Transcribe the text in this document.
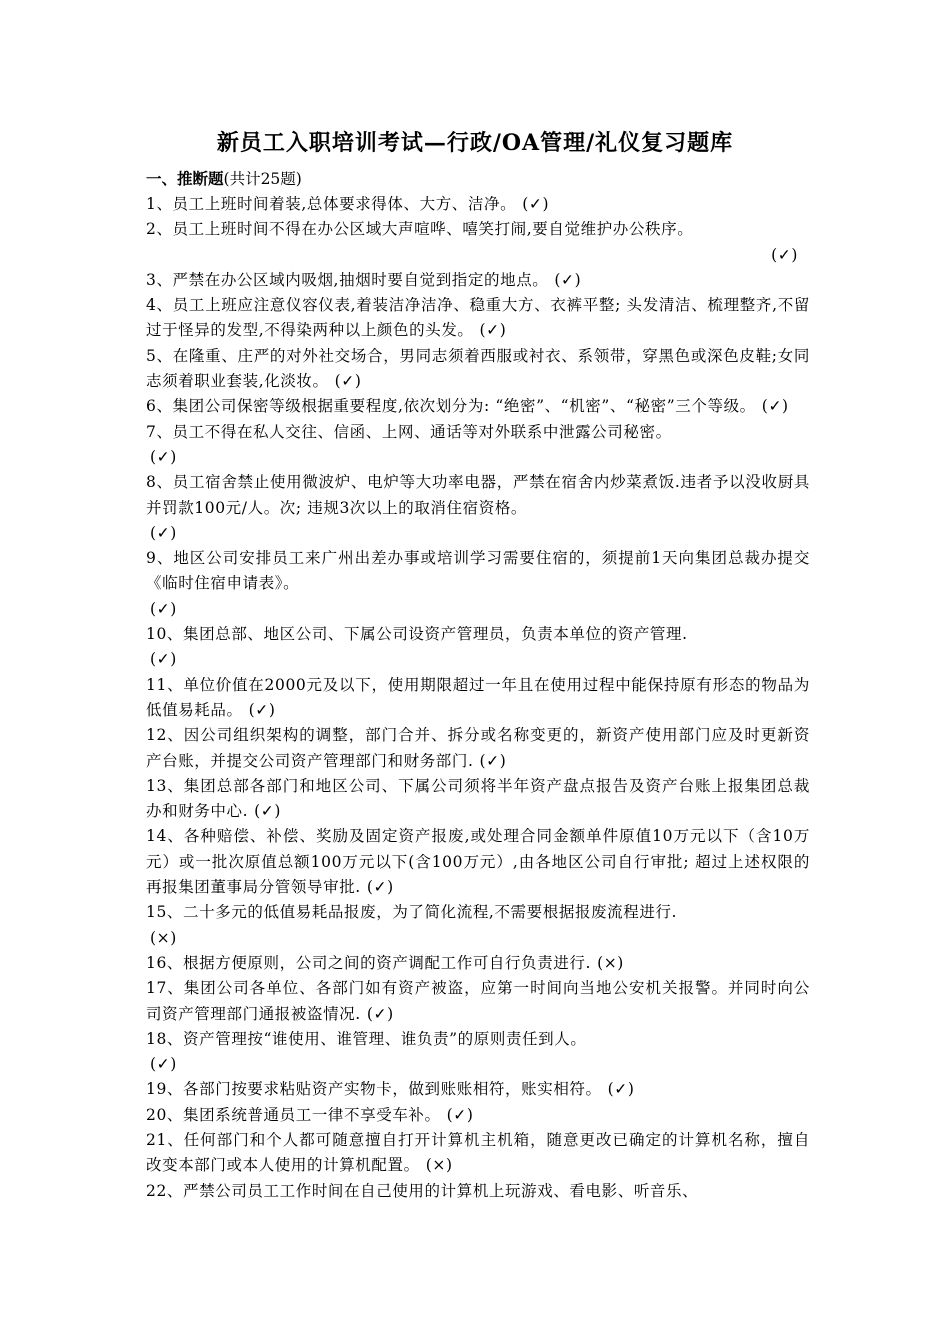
新员工入职培训考试—行政/OA管理/礼仪复习题库
一、推断题(共计25题)

1、员工上班时间着装,总体要求得体、大方、洁净。 (✓)

2、员工上班时间不得在办公区域大声喧哗、嘻笑打闹,要自觉维护办公秩序。
(✓)

3、严禁在办公区域内吸烟,抽烟时要自觉到指定的地点。 (✓)

4、员工上班应注意仪容仪表,着装洁净洁净、稳重大方、衣裤平整; 头发清洁、梳理整齐,不留过于怪异的发型,不得染两种以上颜色的头发。 (✓)

5、在隆重、庄严的对外社交场合，男同志须着西服或衬衣、系领带，穿黑色或深色皮鞋;女同志须着职业套装,化淡妆。 (✓)

6、集团公司保密等级根据重要程度,依次划分为: “绝密”、“机密”、“秘密”三个等级。 (✓)

7、员工不得在私人交往、信函、上网、通话等对外联系中泄露公司秘密。
(✓)

8、员工宿舍禁止使用微波炉、电炉等大功率电器，严禁在宿舍内炒菜煮饭.违者予以没收厨具并罚款100元/人。次; 违规3次以上的取消住宿资格。
(✓)

9、地区公司安排员工来广州出差办事或培训学习需要住宿的，须提前1天向集团总裁办提交《临时住宿申请表》。
(✓)

10、集团总部、地区公司、下属公司设资产管理员，负责本单位的资产管理.
(✓)

11、单位价值在2000元及以下，使用期限超过一年且在使用过程中能保持原有形态的物品为低值易耗品。 (✓)

12、因公司组织架构的调整，部门合并、拆分或名称变更的，新资产使用部门应及时更新资产台账，并提交公司资产管理部门和财务部门. (✓)

13、集团总部各部门和地区公司、下属公司须将半年资产盘点报告及资产台账上报集团总裁办和财务中心. (✓)

14、各种赔偿、补偿、奖励及固定资产报废,或处理合同金额单件原值10万元以下（含10万元）或一批次原值总额100万元以下(含100万元）,由各地区公司自行审批; 超过上述权限的再报集团董事局分管领导审批. (✓)

15、二十多元的低值易耗品报废，为了简化流程,不需要根据报废流程进行.
(×)

16、根据方便原则，公司之间的资产调配工作可自行负责进行. (×)

17、集团公司各单位、各部门如有资产被盗，应第一时间向当地公安机关报警。并同时向公司资产管理部门通报被盗情况. (✓)

18、资产管理按“谁使用、谁管理、谁负责”的原则责任到人。
(✓)

19、各部门按要求粘贴资产实物卡，做到账账相符，账实相符。 (✓)

20、集团系统普通员工一律不享受车补。 (✓)

21、任何部门和个人都可随意擅自打开计算机主机箱，随意更改已确定的计算机名称，擅自改变本部门或本人使用的计算机配置。 (×)

22、严禁公司员工工作时间在自己使用的计算机上玩游戏、看电影、听音乐、
